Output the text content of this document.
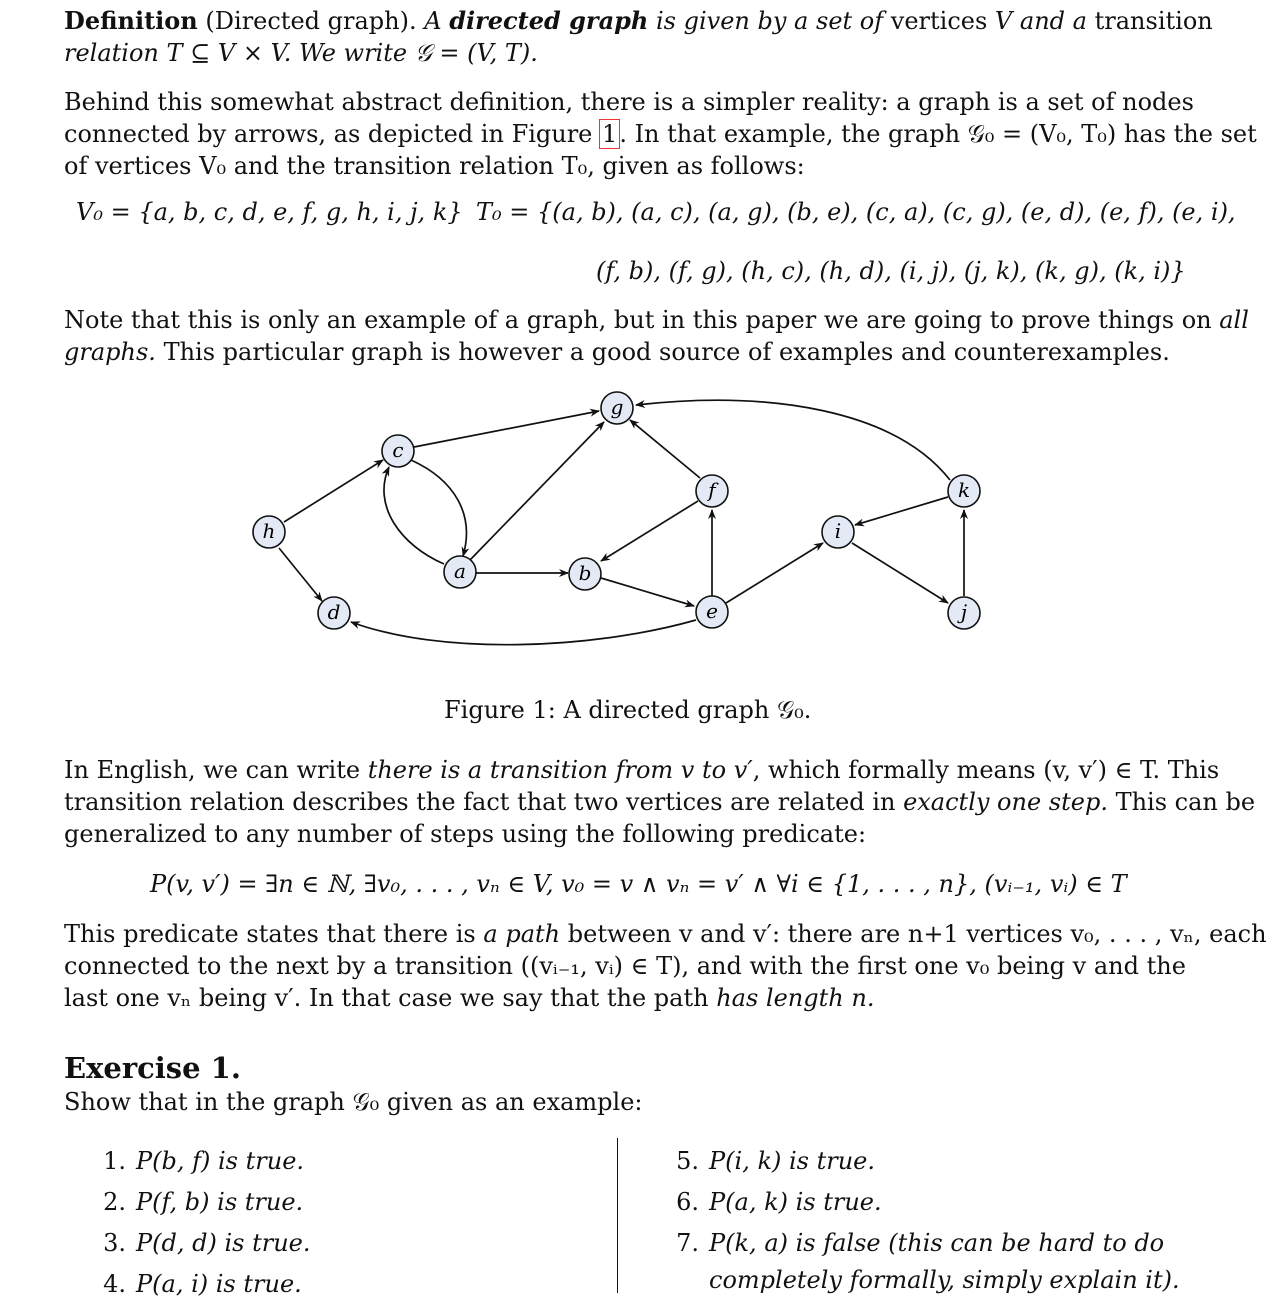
Definition (Directed graph). A directed graph is given by a set of vertices V and a transition
relation T ⊆ V × V. We write 𝒢 = (V, T).
Behind this somewhat abstract definition, there is a simpler reality: a graph is a set of nodes
connected by arrows, as depicted in Figure 1. In that example, the graph 𝒢₀ = (V₀, T₀) has the set
of vertices V₀ and the transition relation T₀, given as follows:
V₀ = {a, b, c, d, e, f, g, h, i, j, k} T₀ = {(a, b), (a, c), (a, g), (b, e), (c, a), (c, g), (e, d), (e, f), (e, i),
(f, b), (f, g), (h, c), (h, d), (i, j), (j, k), (k, g), (k, i)}
Note that this is only an example of a graph, but in this paper we are going to prove things on all
graphs. This particular graph is however a good source of examples and counterexamples.
a	b
c
d	e
f
g
h	i
j
k
Figure 1: A directed graph 𝒢₀.
In English, we can write there is a transition from v to v′, which formally means (v, v′) ∈ T. This
transition relation describes the fact that two vertices are related in exactly one step. This can be
generalized to any number of steps using the following predicate:
P(v, v′) = ∃n ∈ ℕ, ∃v₀, . . . , vₙ ∈ V, v₀ = v ∧ vₙ = v′ ∧ ∀i ∈ {1, . . . , n}, (vᵢ₋₁, vᵢ) ∈ T
This predicate states that there is a path between v and v′: there are n+1 vertices v₀, . . . , vₙ, each
connected to the next by a transition ((vᵢ₋₁, vᵢ) ∈ T), and with the first one v₀ being v and the
last one vₙ being v′. In that case we say that the path has length n.
Exercise 1.
Show that in the graph 𝒢₀ given as an example:
1. P(b, f) is true.
2. P(f, b) is true.
3. P(d, d) is true.
4. P(a, i) is true.
5. P(i, k) is true.
6. P(a, k) is true.
7. P(k, a) is false (this can be hard to do
completely formally, simply explain it).
